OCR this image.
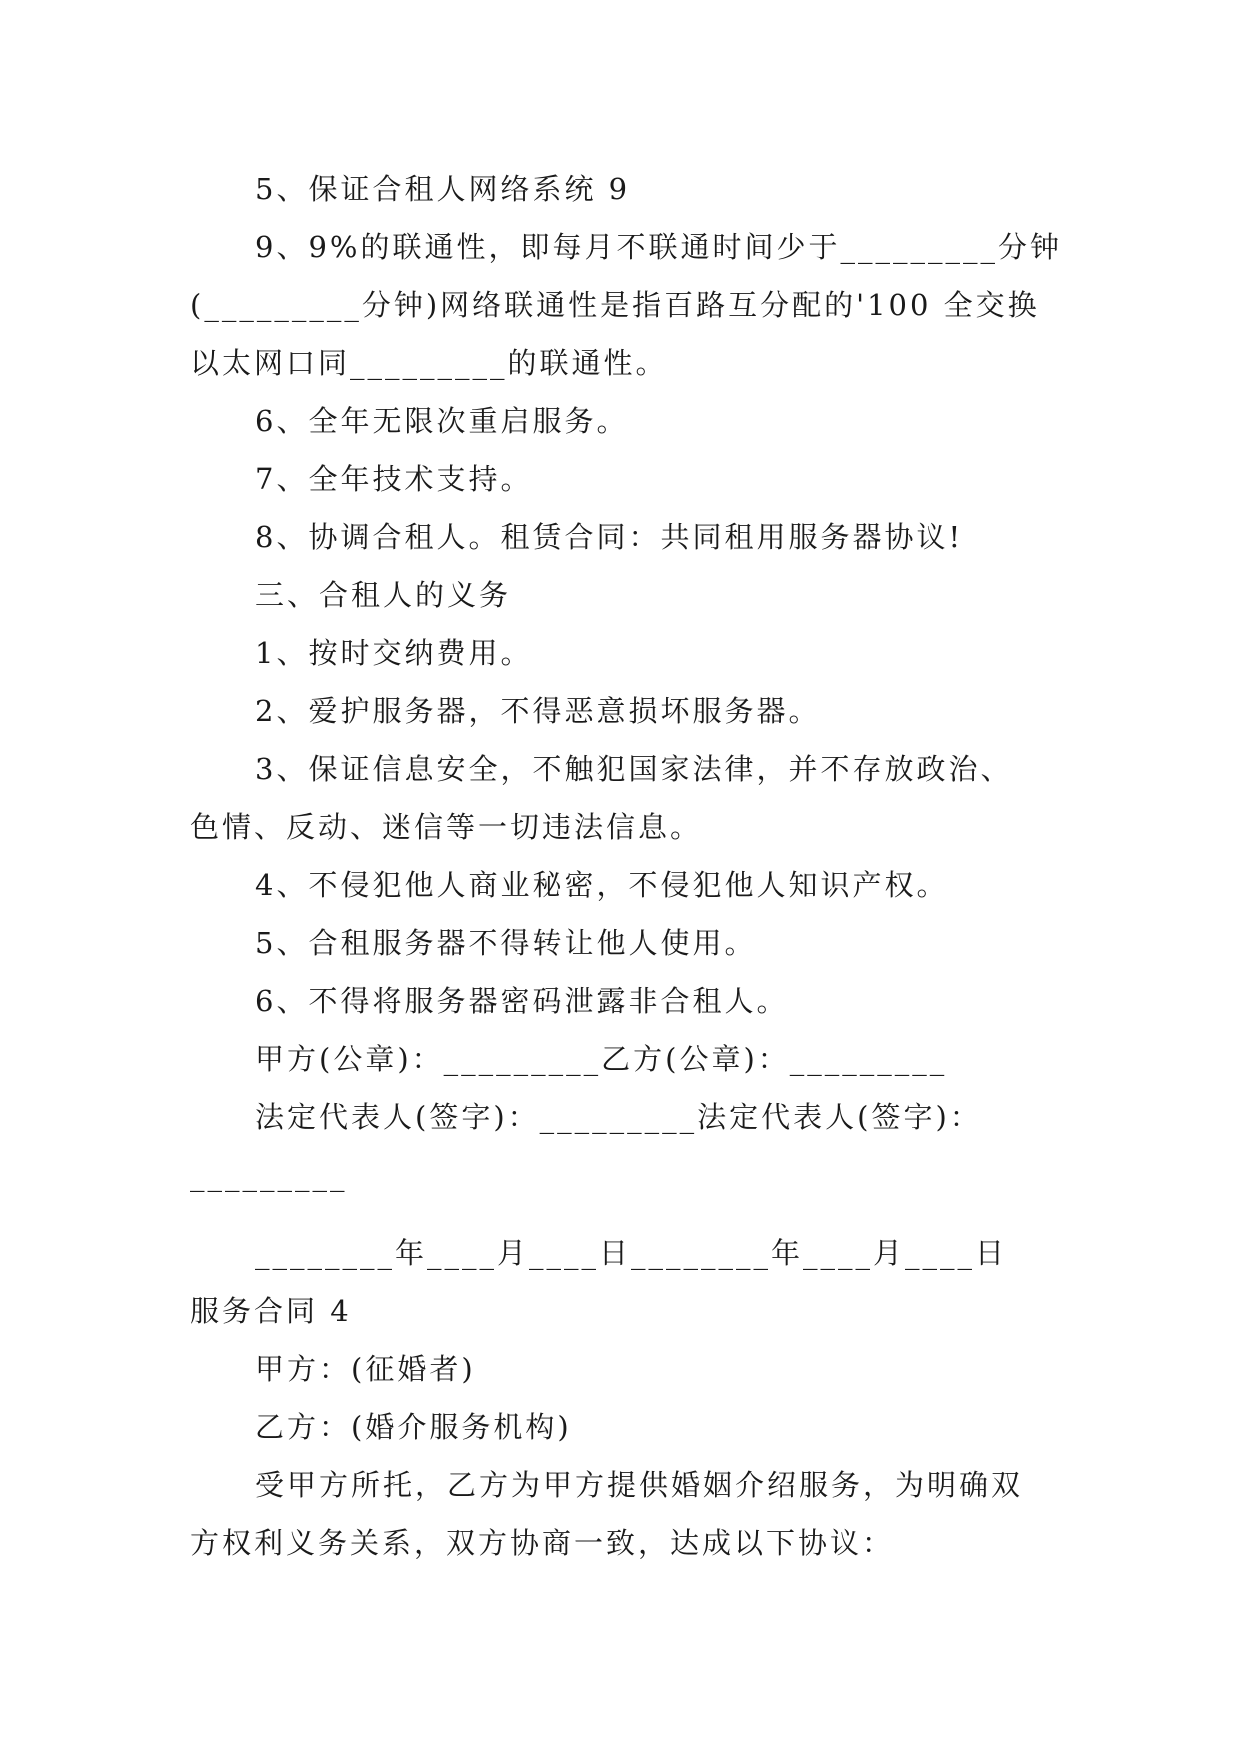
5、保证合租人网络系统 9
9、9%的联通性，即每月不联通时间少于_________分钟
(_________分钟)网络联通性是指百路互分配的'100 全交换
以太网口同_________的联通性。
6、全年无限次重启服务。
7、全年技术支持。
8、协调合租人。租赁合同：共同租用服务器协议!
三、合租人的义务
1、按时交纳费用。
2、爱护服务器，不得恶意损坏服务器。
3、保证信息安全，不触犯国家法律，并不存放政治、
色情、反动、迷信等一切违法信息。
4、不侵犯他人商业秘密，不侵犯他人知识产权。
5、合租服务器不得转让他人使用。
6、不得将服务器密码泄露非合租人。
甲方(公章)：_________乙方(公章)：_________
法定代表人(签字)：_________法定代表人(签字)：
_________
________年____月____日________年____月____日
服务合同 4
甲方：(征婚者)
乙方：(婚介服务机构)
受甲方所托，乙方为甲方提供婚姻介绍服务，为明确双
方权利义务关系，双方协商一致，达成以下协议：
